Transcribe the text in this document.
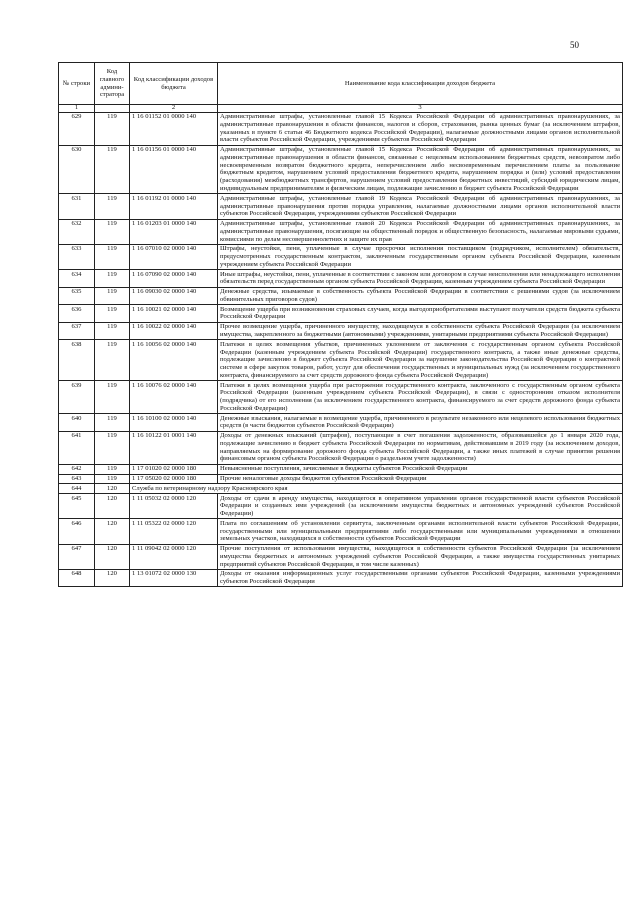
50
№ строки	Код главного админи-стратора	Код классификации доходов бюджета	Наименование кода классификации доходов бюджета
1		2	3
629	119	1 16 01152 01 0000 140	Административные штрафы, установленные главой 15 Кодекса Российской Федерации об административных правонарушениях, за административные правонарушения в области финансов, налогов и сборов, страхования, рынка ценных бумаг (за исключением штрафов, указанных в пункте 6 статьи 46 Бюджетного кодекса Российской Федерации), налагаемые должностными лицами органов исполнительной власти субъектов Российской Федерации, учреждениями субъектов Российской Федерации
630	119	1 16 01156 01 0000 140	Административные штрафы, установленные главой 15 Кодекса Российской Федерации об административных правонарушениях, за административные правонарушения в области финансов, связанные с нецелевым использованием бюджетных средств, невозвратом либо несвоевременным возвратом бюджетного кредита, неперечислением либо несвоевременным перечислением платы за пользование бюджетным кредитом, нарушением условий предоставления бюджетного кредита, нарушением порядка и (или) условий предоставления (расходования) межбюджетных трансфертов, нарушением условий предоставления бюджетных инвестиций, субсидий юридическим лицам, индивидуальным предпринимателям и физическим лицам, подлежащие зачислению в бюджет субъекта Российской Федерации
631	119	1 16 01192 01 0000 140	Административные штрафы, установленные главой 19 Кодекса Российской Федерации об административных правонарушениях, за административные правонарушения против порядка управления, налагаемые должностными лицами органов исполнительной власти субъектов Российской Федерации, учреждениями субъектов Российской Федерации
632	119	1 16 01203 01 0000 140	Административные штрафы, установленные главой 20 Кодекса Российской Федерации об административных правонарушениях, за административные правонарушения, посягающие на общественный порядок и общественную безопасность, налагаемые мировыми судьями, комиссиями по делам несовершеннолетних и защите их прав
633	119	1 16 07010 02 0000 140	Штрафы, неустойки, пени, уплаченные в случае просрочки исполнения поставщиком (подрядчиком, исполнителем) обязательств, предусмотренных государственным контрактом, заключенным государственным органом субъекта Российской Федерации, казенным учреждением субъекта Российской Федерации
634	119	1 16 07090 02 0000 140	Иные штрафы, неустойки, пени, уплаченные в соответствии с законом или договором в случае неисполнения или ненадлежащего исполнения обязательств перед государственным органом субъекта Российской Федерации, казенным учреждением субъекта Российской Федерации
635	119	1 16 09030 02 0000 140	Денежные средства, изымаемые в собственность субъекта Российской Федерации в соответствии с решениями судов (за исключением обвинительных приговоров судов)
636	119	1 16 10021 02 0000 140	Возмещение ущерба при возникновении страховых случаев, когда выгодоприобретателями выступают получатели средств бюджета субъекта Российской Федерации
637	119	1 16 10022 02 0000 140	Прочее возмещение ущерба, причиненного имуществу, находящемуся в собственности субъекта Российской Федерации (за исключением имущества, закрепленного за бюджетными (автономными) учреждениями, унитарными предприятиями субъекта Российской Федерации)
638	119	1 16 10056 02 0000 140	Платежи в целях возмещения убытков, причиненных уклонением от заключения с государственным органом субъекта Российской Федерации (казенным учреждением субъекта Российской Федерации) государственного контракта, а также иные денежные средства, подлежащие зачислению в бюджет субъекта Российской Федерации за нарушение законодательства Российской Федерации о контрактной системе в сфере закупок товаров, работ, услуг для обеспечения государственных и муниципальных нужд (за исключением государственного контракта, финансируемого за счет средств дорожного фонда субъекта Российской Федерации)
639	119	1 16 10076 02 0000 140	Платежи в целях возмещения ущерба при расторжении государственного контракта, заключенного с государственным органом субъекта Российской Федерации (казенным учреждением субъекта Российской Федерации), в связи с односторонним отказом исполнителя (подрядчика) от его исполнения (за исключением государственного контракта, финансируемого за счет средств дорожного фонда субъекта Российской Федерации)
640	119	1 16 10100 02 0000 140	Денежные взыскания, налагаемые в возмещение ущерба, причиненного в результате незаконного или нецелевого использования бюджетных средств (в части бюджетов субъектов Российской Федерации)
641	119	1 16 10122 01 0001 140	Доходы от денежных взысканий (штрафов), поступающие в счет погашения задолженности, образовавшейся до 1 января 2020 года, подлежащие зачислению в бюджет субъекта Российской Федерации по нормативам, действовавшим в 2019 году (за исключением доходов, направляемых на формирование дорожного фонда субъекта Российской Федерации, а также иных платежей в случае принятия решения финансовым органом субъекта Российской Федерации о раздельном учете задолженности)
642	119	1 17 01020 02 0000 180	Невыясненные поступления, зачисляемые в бюджеты субъектов Российской Федерации
643	119	1 17 05020 02 0000 180	Прочие неналоговые доходы бюджетов субъектов Российской Федерации
644	120	Служба по ветеринарному надзору Красноярского края	
645	120	1 11 05032 02 0000 120	Доходы от сдачи в аренду имущества, находящегося в оперативном управлении органов государственной власти субъектов Российской Федерации и созданных ими учреждений (за исключением имущества бюджетных и автономных учреждений субъектов Российской Федерации)
646	120	1 11 05322 02 0000 120	Плата по соглашениям об установлении сервитута, заключенным органами исполнительной власти субъектов Российской Федерации, государственными или муниципальными предприятиями либо государственными или муниципальными учреждениями в отношении земельных участков, находящихся в собственности субъектов Российской Федерации
647	120	1 11 09042 02 0000 120	Прочие поступления от использования имущества, находящегося в собственности субъектов Российской Федерации (за исключением имущества бюджетных и автономных учреждений субъектов Российской Федерации, а также имущества государственных унитарных предприятий субъектов Российской Федерации, в том числе казенных)
648	120	1 13 01072 02 0000 130	Доходы от оказания информационных услуг государственными органами субъектов Российской Федерации, казенными учреждениями субъектов Российской Федерации
